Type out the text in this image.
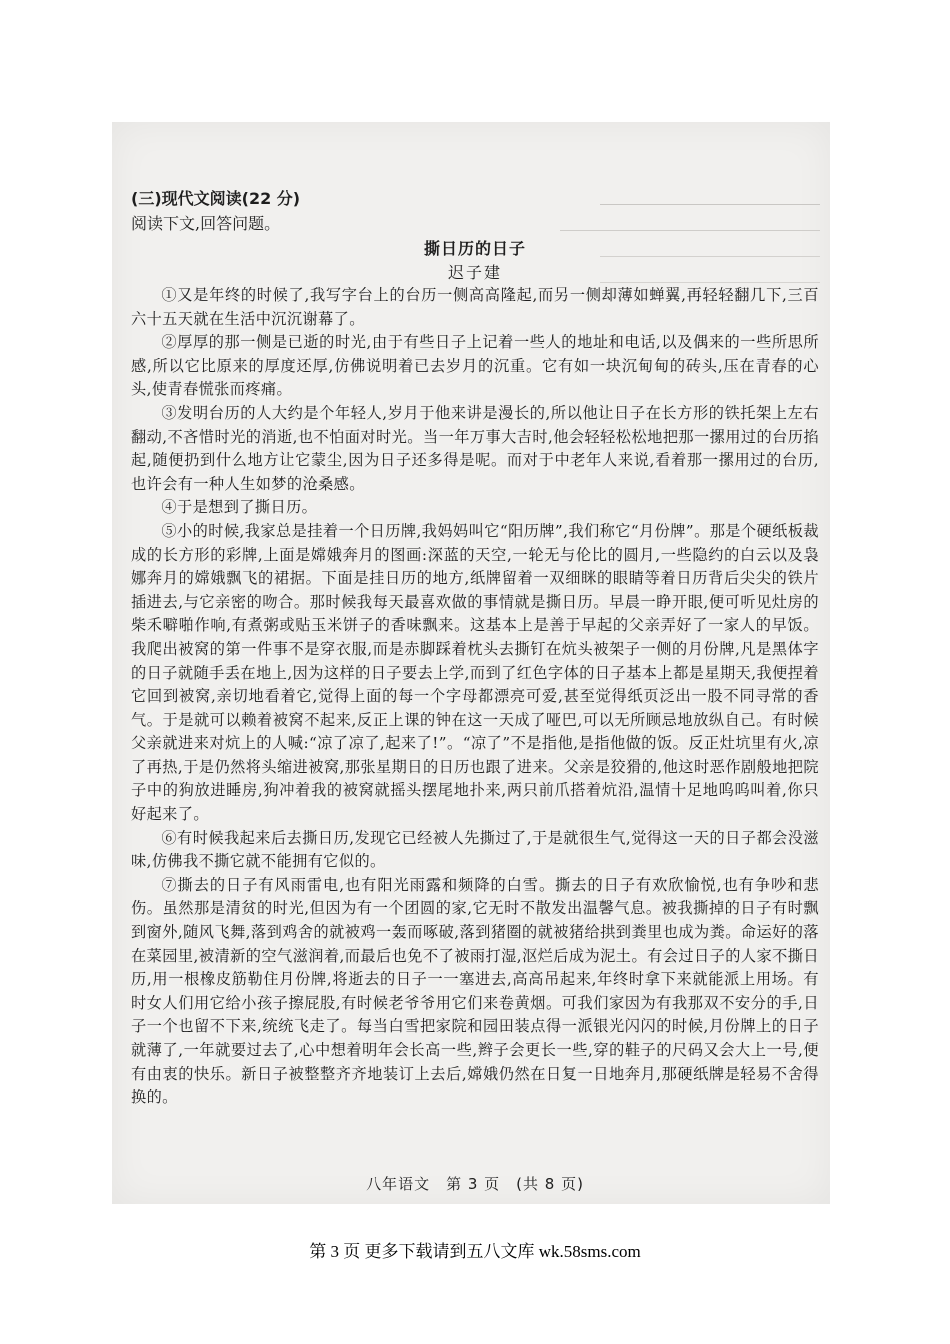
(三)现代文阅读(22 分)
阅读下文,回答问题。
撕日历的日子
迟子建

①又是年终的时候了,我写字台上的台历一侧高高隆起,而另一侧却薄如蝉翼,再轻轻翻几下,三百六十五天就在生活中沉沉谢幕了。

②厚厚的那一侧是已逝的时光,由于有些日子上记着一些人的地址和电话,以及偶来的一些所思所感,所以它比原来的厚度还厚,仿佛说明着已去岁月的沉重。它有如一块沉甸甸的砖头,压在青春的心头,使青春慌张而疼痛。

③发明台历的人大约是个年轻人,岁月于他来讲是漫长的,所以他让日子在长方形的铁托架上左右翻动,不吝惜时光的消逝,也不怕面对时光。当一年万事大吉时,他会轻轻松松地把那一摞用过的台历掐起,随便扔到什么地方让它蒙尘,因为日子还多得是呢。而对于中老年人来说,看着那一摞用过的台历,也许会有一种人生如梦的沧桑感。

④于是想到了撕日历。

⑤小的时候,我家总是挂着一个日历牌,我妈妈叫它“阳历牌”,我们称它“月份牌”。那是个硬纸板裁成的长方形的彩牌,上面是嫦娥奔月的图画:深蓝的天空,一轮无与伦比的圆月,一些隐约的白云以及袅娜奔月的嫦娥飘飞的裙据。下面是挂日历的地方,纸牌留着一双细眯的眼睛等着日历背后尖尖的铁片插进去,与它亲密的吻合。那时候我每天最喜欢做的事情就是撕日历。早晨一睁开眼,便可听见灶房的柴禾噼啪作响,有煮粥或贴玉米饼子的香味飘来。这基本上是善于早起的父亲弄好了一家人的早饭。我爬出被窝的第一件事不是穿衣服,而是赤脚踩着枕头去撕钉在炕头被架子一侧的月份牌,凡是黑体字的日子就随手丢在地上,因为这样的日子要去上学,而到了红色字体的日子基本上都是星期天,我便捏着它回到被窝,亲切地看着它,觉得上面的每一个字母都漂亮可爱,甚至觉得纸页泛出一股不同寻常的香气。于是就可以赖着被窝不起来,反正上课的钟在这一天成了哑巴,可以无所顾忌地放纵自己。有时候父亲就进来对炕上的人喊:“凉了凉了,起来了!”。“凉了”不是指他,是指他做的饭。反正灶坑里有火,凉了再热,于是仍然将头缩进被窝,那张星期日的日历也跟了进来。父亲是狡猾的,他这时恶作剧般地把院子中的狗放进睡房,狗冲着我的被窝就摇头摆尾地扑来,两只前爪搭着炕沿,温情十足地呜呜叫着,你只好起来了。

⑥有时候我起来后去撕日历,发现它已经被人先撕过了,于是就很生气,觉得这一天的日子都会没滋味,仿佛我不撕它就不能拥有它似的。

⑦撕去的日子有风雨雷电,也有阳光雨露和频降的白雪。撕去的日子有欢欣愉悦,也有争吵和悲伤。虽然那是清贫的时光,但因为有一个团圆的家,它无时不散发出温馨气息。被我撕掉的日子有时飘到窗外,随风飞舞,落到鸡舍的就被鸡一轰而啄破,落到猪圈的就被猪给拱到粪里也成为粪。命运好的落在菜园里,被清新的空气滋润着,而最后也免不了被雨打湿,沤烂后成为泥土。有会过日子的人家不撕日历,用一根橡皮筋勒住月份牌,将逝去的日子一一塞进去,高高吊起来,年终时拿下来就能派上用场。有时女人们用它给小孩子擦屁股,有时候老爷爷用它们来卷黄烟。可我们家因为有我那双不安分的手,日子一个也留不下来,统统飞走了。每当白雪把家院和园田装点得一派银光闪闪的时候,月份牌上的日子就薄了,一年就要过去了,心中想着明年会长高一些,辫子会更长一些,穿的鞋子的尺码又会大上一号,便有由衷的快乐。新日子被整整齐齐地装订上去后,嫦娥仍然在日复一日地奔月,那硬纸牌是轻易不舍得换的。

八年语文　第 3 页　(共 8 页)
第 3 页 更多下载请到五八文库 wk.58sms.com
